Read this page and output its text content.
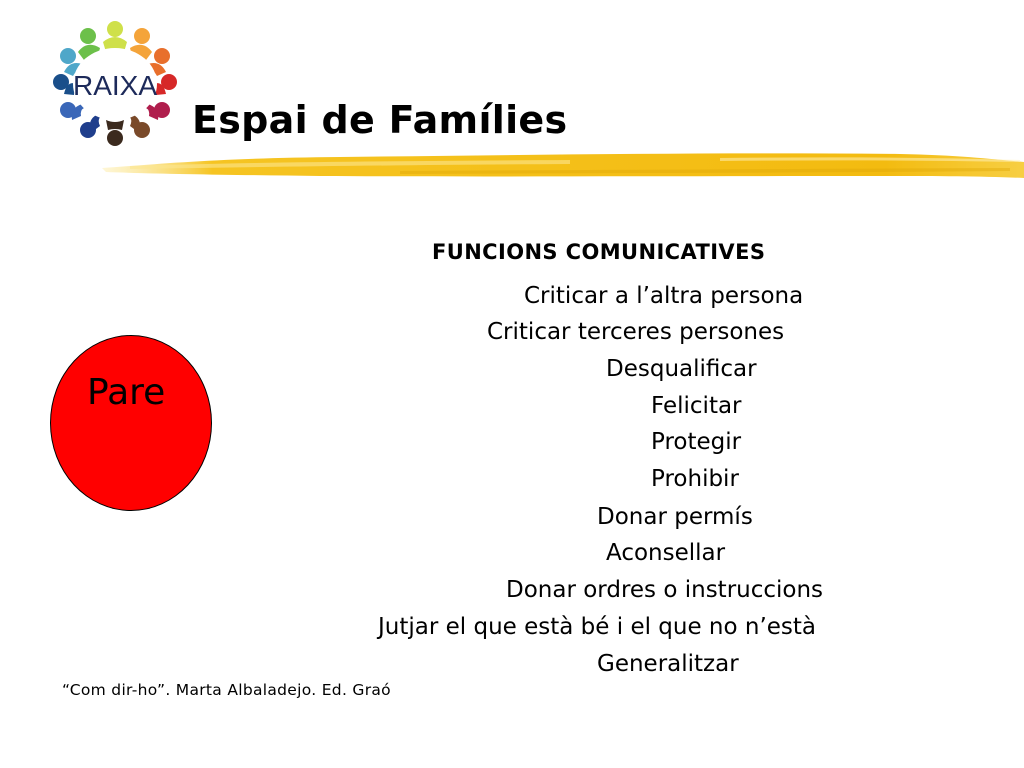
RAIXA
Espai de Famílies
FUNCIONS COMUNICATIVES
Criticar a l’altra persona
Criticar terceres persones
Desqualificar
Felicitar
Protegir
Prohibir
Donar permís
Aconsellar
Donar ordres o instruccions
Jutjar el que està bé i el que no n’està
Generalitzar
Pare
“Com dir-ho”. Marta Albaladejo. Ed. Graó
